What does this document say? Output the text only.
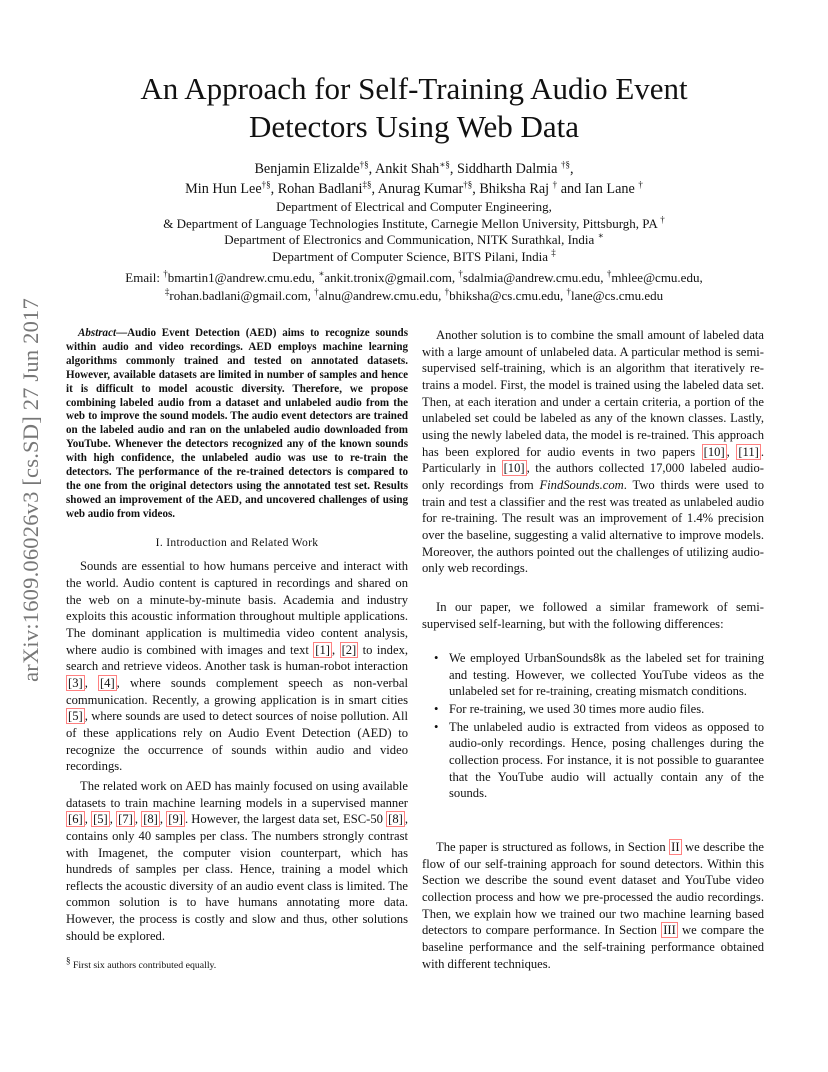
arXiv:1609.06026v3 [cs.SD] 27 Jun 2017
An Approach for Self-Training Audio Event Detectors Using Web Data
Benjamin Elizalde†§, Ankit Shah∗§, Siddharth Dalmia †§,
Min Hun Lee†§, Rohan Badlani‡§, Anurag Kumar†§, Bhiksha Raj † and Ian Lane †
Department of Electrical and Computer Engineering,
& Department of Language Technologies Institute, Carnegie Mellon University, Pittsburgh, PA †
Department of Electronics and Communication, NITK Surathkal, India ∗
Department of Computer Science, BITS Pilani, India ‡
Email: †bmartin1@andrew.cmu.edu, ∗ankit.tronix@gmail.com, †sdalmia@andrew.cmu.edu, †mhlee@cmu.edu,
‡rohan.badlani@gmail.com, †alnu@andrew.cmu.edu, †bhiksha@cs.cmu.edu, †lane@cs.cmu.edu
Abstract—Audio Event Detection (AED) aims to recognize sounds within audio and video recordings. AED employs machine learning algorithms commonly trained and tested on annotated datasets. However, available datasets are limited in number of samples and hence it is difficult to model acoustic diversity. Therefore, we propose combining labeled audio from a dataset and unlabeled audio from the web to improve the sound models. The audio event detectors are trained on the labeled audio and ran on the unlabeled audio downloaded from YouTube. Whenever the detectors recognized any of the known sounds with high confidence, the unlabeled audio was use to re-train the detectors. The performance of the re-trained detectors is compared to the one from the original detectors using the annotated test set. Results showed an improvement of the AED, and uncovered challenges of using web audio from videos.
I. Introduction and Related Work

Sounds are essential to how humans perceive and interact with the world. Audio content is captured in recordings and shared on the web on a minute-by-minute basis. Academia and industry exploits this acoustic information throughout multiple applications. The dominant application is multimedia video content analysis, where audio is combined with images and text [1] , [2] to index, search and retrieve videos. Another task is human-robot interaction [3] , [4] , where sounds complement speech as non-verbal communication. Recently, a growing application is in smart cities [5] , where sounds are used to detect sources of noise pollution. All of these applications rely on Audio Event Detection (AED) to recognize the occurrence of sounds within audio and video recordings.

The related work on AED has mainly focused on using available datasets to train machine learning models in a supervised manner [6] , [5] , [7] , [8] , [9] . However, the largest data set, ESC-50 [8] , contains only 40 samples per class. The numbers strongly contrast with Imagenet, the computer vision counterpart, which has hundreds of samples per class. Hence, training a model which reflects the acoustic diversity of an audio event class is limited. The common solution is to have humans annotating more data. However, the process is costly and slow and thus, other solutions should be explored.

Another solution is to combine the small amount of labeled data with a large amount of unlabeled data. A particular method is semi-supervised self-training, which is an algorithm that iteratively re-trains a model. First, the model is trained using the labeled data set. Then, at each iteration and under a certain criteria, a portion of the unlabeled set could be labeled as any of the known classes. Lastly, using the newly labeled data, the model is re-trained. This approach has been explored for audio events in two papers [10] , [11] . Particularly in [10] , the authors collected 17,000 labeled audio-only recordings from FindSounds.com. Two thirds were used to train and test a classifier and the rest was treated as unlabeled audio for re-training. The result was an improvement of 1.4% precision over the baseline, suggesting a valid alternative to improve models. Moreover, the authors pointed out the challenges of utilizing audio-only web recordings.

In our paper, we followed a similar framework of semi-supervised self-learning, but with the following differences:

• We employed UrbanSounds8k as the labeled set for training and testing. However, we collected YouTube videos as the unlabeled set for re-training, creating mismatch conditions.
• For re-training, we used 30 times more audio files.
• The unlabeled audio is extracted from videos as opposed to audio-only recordings. Hence, posing challenges during the collection process. For instance, it is not possible to guarantee that the YouTube audio will actually contain any of the sounds.

The paper is structured as follows, in Section II we describe the flow of our self-training approach for sound detectors. Within this Section we describe the sound event dataset and YouTube video collection process and how we pre-processed the audio recordings. Then, we explain how we trained our two machine learning based detectors to compare performance. In Section III we compare the baseline performance and the self-training performance obtained with different techniques.

§ First six authors contributed equally.
